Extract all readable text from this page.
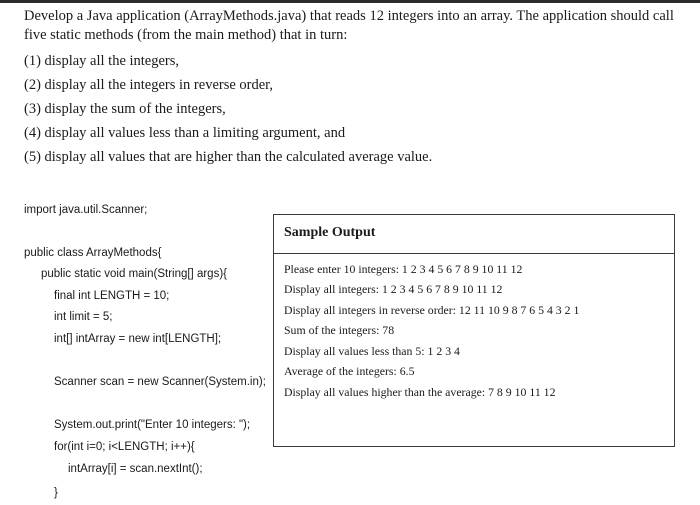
Develop a Java application (ArrayMethods.java) that reads 12 integers into an array. The application should call five static methods (from the main method) that in turn:
(1) display all the integers,
(2) display all the integers in reverse order,
(3) display the sum of the integers,
(4) display all values less than a limiting argument, and
(5) display all values that are higher than the calculated average value.
import java.util.Scanner;
public class ArrayMethods{
public static void main(String[] args){
final int LENGTH = 10;
int limit = 5;
int[] intArray = new int[LENGTH];
Scanner scan = new Scanner(System.in);
System.out.print("Enter 10 integers: ");
for(int i=0; i<LENGTH; i++){
intArray[i] = scan.nextInt();
}
Sample Output
Please enter 10 integers: 1 2 3 4 5 6 7 8 9 10 11 12
Display all integers: 1 2 3 4 5 6 7 8 9 10 11 12
Display all integers in reverse order: 12 11 10 9 8 7 6 5 4 3 2 1
Sum of the integers: 78
Display all values less than 5: 1 2 3 4
Average of the integers: 6.5
Display all values higher than the average: 7 8 9 10 11 12
